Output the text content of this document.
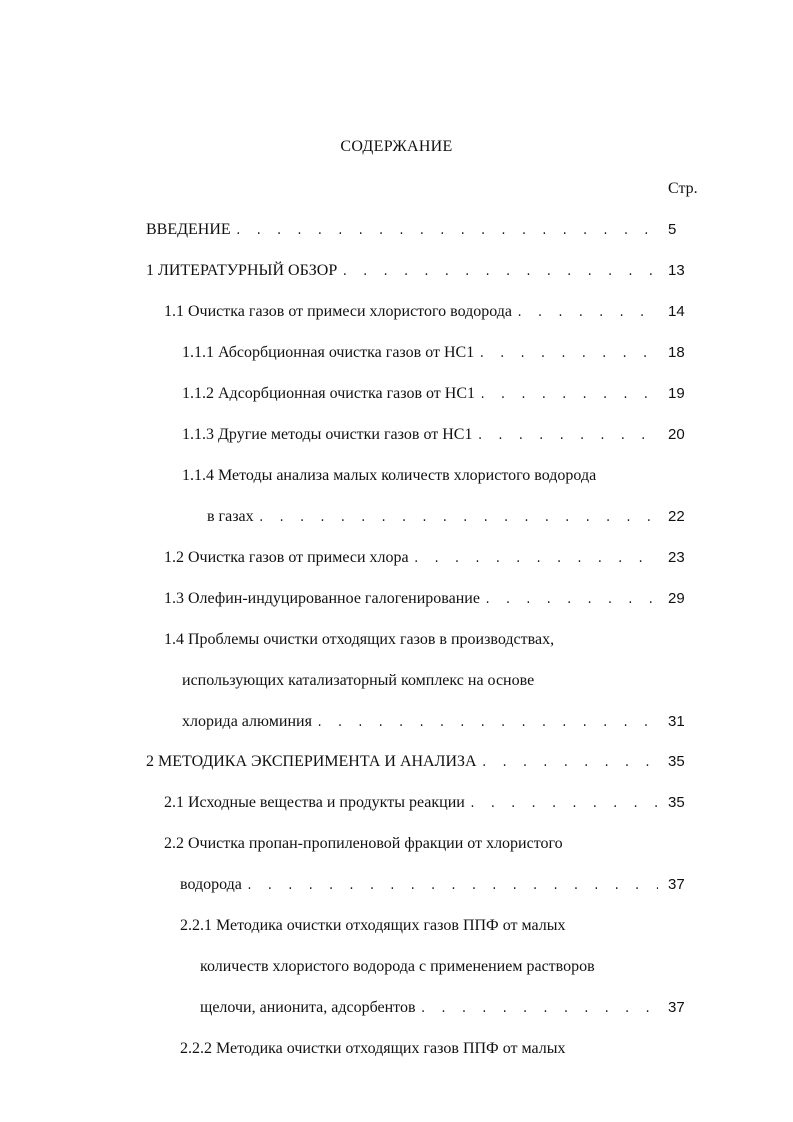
СОДЕРЖАНИЕ
Стр.
ВВЕДЕНИЕ . . .	5
1 ЛИТЕРАТУРНЫЙ ОБЗОР . . .	13
1.1 Очистка газов от примеси хлористого водорода . . .	14
1.1.1 Абсорбционная очистка газов от НС1 . . .	18
1.1.2 Адсорбционная очистка газов от НС1 . . .	19
1.1.3 Другие методы очистки газов от НС1 . . .	20
1.1.4 Методы анализа малых количеств хлористого водорода
в газах . . .	22
1.2 Очистка газов от примеси хлора . . .	23
1.3 Олефин-индуцированное галогенирование . . .	29
1.4 Проблемы очистки отходящих газов в производствах,
использующих катализаторный комплекс на основе
хлорида алюминия . . .	31
2 МЕТОДИКА ЭКСПЕРИМЕНТА И АНАЛИЗА . . .	35
2.1 Исходные вещества и продукты реакции . . .	35
2.2 Очистка пропан-пропиленовой фракции от хлористого
водорода . . .	37
2.2.1 Методика очистки отходящих газов ППФ от малых
количеств хлористого водорода с применением растворов
щелочи, анионита, адсорбентов . . .	37
2.2.2 Методика очистки отходящих газов ППФ от малых
